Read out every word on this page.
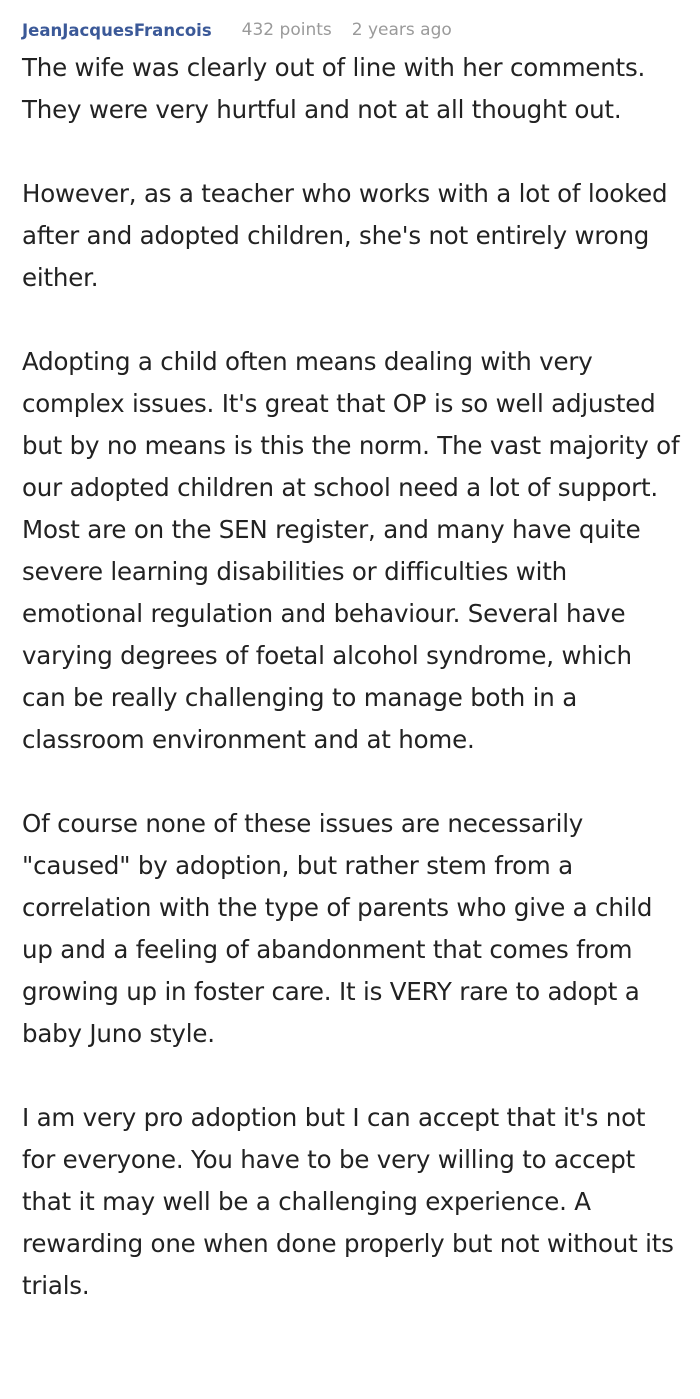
JeanJacquesFrancois 432 points 2 years ago

The wife was clearly out of line with her comments. They were very hurtful and not at all thought out.

However, as a teacher who works with a lot of looked after and adopted children, she's not entirely wrong either.

Adopting a child often means dealing with very complex issues. It's great that OP is so well adjusted but by no means is this the norm. The vast majority of our adopted children at school need a lot of support. Most are on the SEN register, and many have quite severe learning disabilities or difficulties with emotional regulation and behaviour. Several have varying degrees of foetal alcohol syndrome, which can be really challenging to manage both in a classroom environment and at home.

Of course none of these issues are necessarily "caused" by adoption, but rather stem from a correlation with the type of parents who give a child up and a feeling of abandonment that comes from growing up in foster care. It is VERY rare to adopt a baby Juno style.

I am very pro adoption but I can accept that it's not for everyone. You have to be very willing to accept that it may well be a challenging experience. A rewarding one when done properly but not without its trials.
